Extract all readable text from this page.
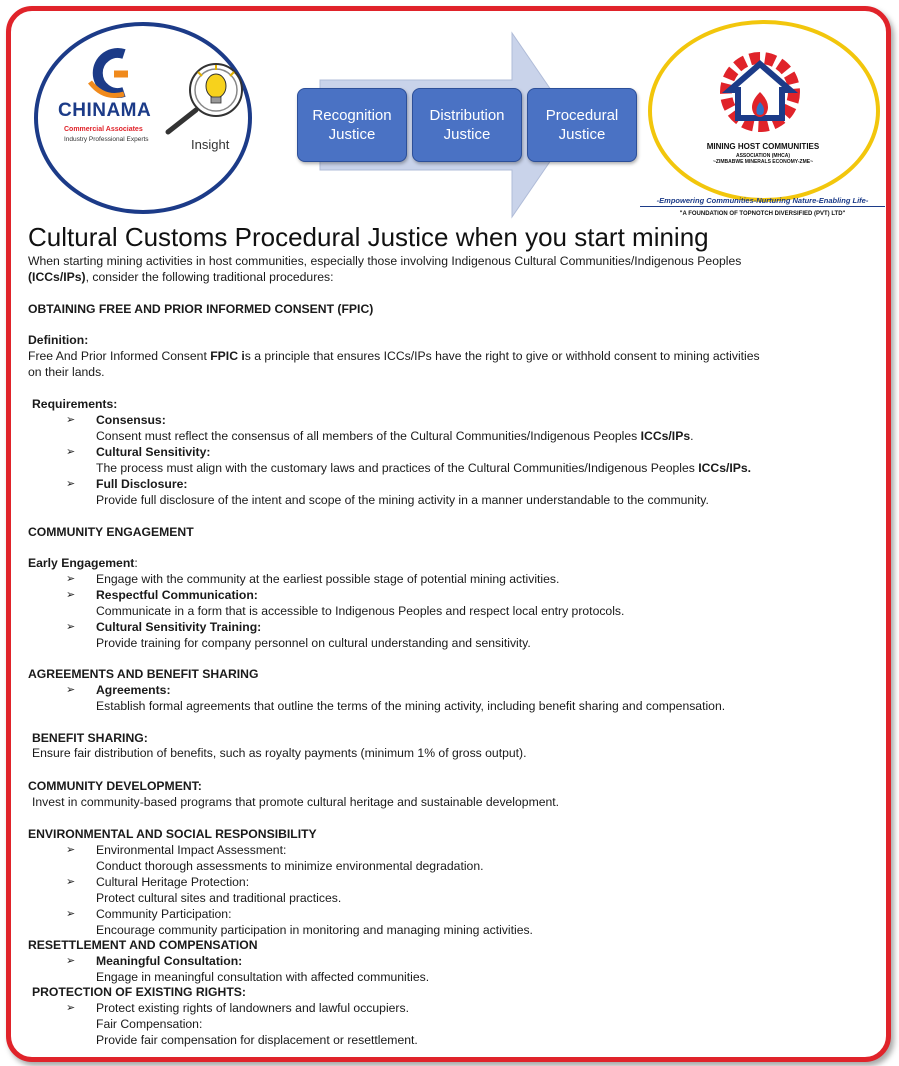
CHINAMA
Commercial Associates
Industry Professional Experts	Insight
Recognition Justice
Distribution Justice
Procedural Justice
MINING HOST COMMUNITIES
ASSOCIATION (MHCA)
~ZIMBABWE MINERALS ECONOMY-ZME~
-Empowering Communities-Nurturing Nature-Enabling Life-
"A FOUNDATION OF TOPNOTCH DIVERSIFIED (PVT) LTD"
Cultural Customs Procedural Justice when you start mining
When starting mining activities in host communities, especially those involving Indigenous Cultural Communities/Indigenous Peoples
(ICCs/IPs), consider the following traditional procedures:
OBTAINING FREE AND PRIOR INFORMED CONSENT (FPIC)
Definition:
Free And Prior Informed Consent FPIC is a principle that ensures ICCs/IPs have the right to give or withhold consent to mining activities
on their lands.
Requirements:
➢ Consensus:
Consent must reflect the consensus of all members of the Cultural Communities/Indigenous Peoples ICCs/IPs.
➢ Cultural Sensitivity:
The process must align with the customary laws and practices of the Cultural Communities/Indigenous Peoples ICCs/IPs.
➢ Full Disclosure:
Provide full disclosure of the intent and scope of the mining activity in a manner understandable to the community.
COMMUNITY ENGAGEMENT
Early Engagement:
➢ Engage with the community at the earliest possible stage of potential mining activities.
➢ Respectful Communication:
Communicate in a form that is accessible to Indigenous Peoples and respect local entry protocols.
➢ Cultural Sensitivity Training:
Provide training for company personnel on cultural understanding and sensitivity.
AGREEMENTS AND BENEFIT SHARING
➢ Agreements:
Establish formal agreements that outline the terms of the mining activity, including benefit sharing and compensation.
BENEFIT SHARING:
Ensure fair distribution of benefits, such as royalty payments (minimum 1% of gross output).
COMMUNITY DEVELOPMENT:
Invest in community-based programs that promote cultural heritage and sustainable development.
ENVIRONMENTAL AND SOCIAL RESPONSIBILITY
➢ Environmental Impact Assessment:
Conduct thorough assessments to minimize environmental degradation.
➢ Cultural Heritage Protection:
Protect cultural sites and traditional practices.
➢ Community Participation:
Encourage community participation in monitoring and managing mining activities.
RESETTLEMENT AND COMPENSATION
➢ Meaningful Consultation:
Engage in meaningful consultation with affected communities.
PROTECTION OF EXISTING RIGHTS:
➢ Protect existing rights of landowners and lawful occupiers.
Fair Compensation:
Provide fair compensation for displacement or resettlement.
